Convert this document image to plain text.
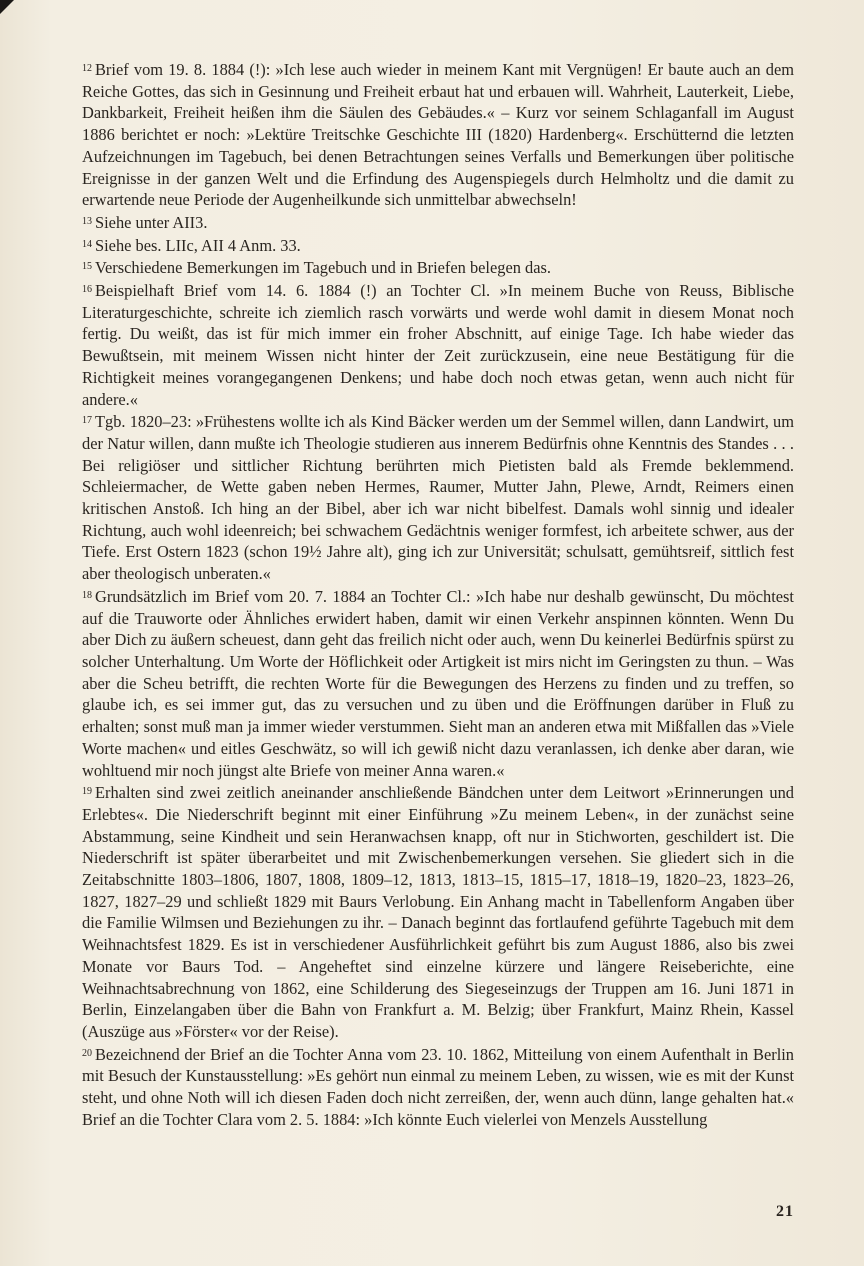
$^{12}$ Brief vom 19. 8. 1884 (!): »Ich lese auch wieder in meinem Kant mit Vergnügen! Er baute auch an dem Reiche Gottes, das sich in Gesinnung und Freiheit erbaut hat und erbauen will. Wahrheit, Lauterkeit, Liebe, Dankbarkeit, Freiheit heißen ihm die Säulen des Gebäudes.« – Kurz vor seinem Schlaganfall im August 1886 berichtet er noch: »Lektüre Treitschke Geschichte III (1820) Hardenberg«. Erschütternd die letzten Aufzeichnungen im Tagebuch, bei denen Betrachtungen seines Verfalls und Bemerkungen über politische Ereignisse in der ganzen Welt und die Erfindung des Augenspiegels durch Helmholtz und die damit zu erwartende neue Periode der Augenheilkunde sich unmittelbar abwechseln!

$^{13}$ Siehe unter AII3.

$^{14}$ Siehe bes. LIIc, AII 4 Anm. 33.

$^{15}$ Verschiedene Bemerkungen im Tagebuch und in Briefen belegen das.

$^{16}$ Beispielhaft Brief vom 14. 6. 1884 (!) an Tochter Cl. »In meinem Buche von Reuss, Biblische Literaturgeschichte, schreite ich ziemlich rasch vorwärts und werde wohl damit in diesem Monat noch fertig. Du weißt, das ist für mich immer ein froher Abschnitt, auf einige Tage. Ich habe wieder das Bewußtsein, mit meinem Wissen nicht hinter der Zeit zurückzusein, eine neue Bestätigung für die Richtigkeit meines vorangegangenen Denkens; und habe doch noch etwas getan, wenn auch nicht für andere.«

$^{17}$ Tgb. 1820–23: »Frühestens wollte ich als Kind Bäcker werden um der Semmel willen, dann Landwirt, um der Natur willen, dann mußte ich Theologie studieren aus innerem Bedürfnis ohne Kenntnis des Standes . . . Bei religiöser und sittlicher Richtung berührten mich Pietisten bald als Fremde beklemmend. Schleiermacher, de Wette gaben neben Hermes, Raumer, Mutter Jahn, Plewe, Arndt, Reimers einen kritischen Anstoß. Ich hing an der Bibel, aber ich war nicht bibelfest. Damals wohl sinnig und idealer Richtung, auch wohl ideenreich; bei schwachem Gedächtnis weniger formfest, ich arbeitete schwer, aus der Tiefe. Erst Ostern 1823 (schon 19½ Jahre alt), ging ich zur Universität; schulsatt, gemühtsreif, sittlich fest aber theologisch unberaten.«

$^{18}$ Grundsätzlich im Brief vom 20. 7. 1884 an Tochter Cl.: »Ich habe nur deshalb gewünscht, Du möchtest auf die Trauworte oder Ähnliches erwidert haben, damit wir einen Verkehr anspinnen könnten. Wenn Du aber Dich zu äußern scheuest, dann geht das freilich nicht oder auch, wenn Du keinerlei Bedürfnis spürst zu solcher Unterhaltung. Um Worte der Höflichkeit oder Artigkeit ist mirs nicht im Geringsten zu thun. – Was aber die Scheu betrifft, die rechten Worte für die Bewegungen des Herzens zu finden und zu treffen, so glaube ich, es sei immer gut, das zu versuchen und zu üben und die Eröffnungen darüber in Fluß zu erhalten; sonst muß man ja immer wieder verstummen. Sieht man an anderen etwa mit Mißfallen das »Viele Worte machen« und eitles Geschwätz, so will ich gewiß nicht dazu veranlassen, ich denke aber daran, wie wohltuend mir noch jüngst alte Briefe von meiner Anna waren.«

$^{19}$ Erhalten sind zwei zeitlich aneinander anschließende Bändchen unter dem Leitwort »Erinnerungen und Erlebtes«. Die Niederschrift beginnt mit einer Einführung »Zu meinem Leben«, in der zunächst seine Abstammung, seine Kindheit und sein Heranwachsen knapp, oft nur in Stichworten, geschildert ist. Die Niederschrift ist später überarbeitet und mit Zwischenbemerkungen versehen. Sie gliedert sich in die Zeitabschnitte 1803–1806, 1807, 1808, 1809–12, 1813, 1813–15, 1815–17, 1818–19, 1820–23, 1823–26, 1827, 1827–29 und schließt 1829 mit Baurs Verlobung. Ein Anhang macht in Tabellenform Angaben über die Familie Wilmsen und Beziehungen zu ihr. – Danach beginnt das fortlaufend geführte Tagebuch mit dem Weihnachtsfest 1829. Es ist in verschiedener Ausführlichkeit geführt bis zum August 1886, also bis zwei Monate vor Baurs Tod. – Angeheftet sind einzelne kürzere und längere Reiseberichte, eine Weihnachtsabrechnung von 1862, eine Schilderung des Siegeseinzugs der Truppen am 16. Juni 1871 in Berlin, Einzelangaben über die Bahn von Frankfurt a. M. Belzig; über Frankfurt, Mainz Rhein, Kassel (Auszüge aus »Förster« vor der Reise).

$^{20}$ Bezeichnend der Brief an die Tochter Anna vom 23. 10. 1862, Mitteilung von einem Aufenthalt in Berlin mit Besuch der Kunstausstellung: »Es gehört nun einmal zu meinem Leben, zu wissen, wie es mit der Kunst steht, und ohne Noth will ich diesen Faden doch nicht zerreißen, der, wenn auch dünn, lange gehalten hat.« Brief an die Tochter Clara vom 2. 5. 1884: »Ich könnte Euch vielerlei von Menzels Ausstellung

21
